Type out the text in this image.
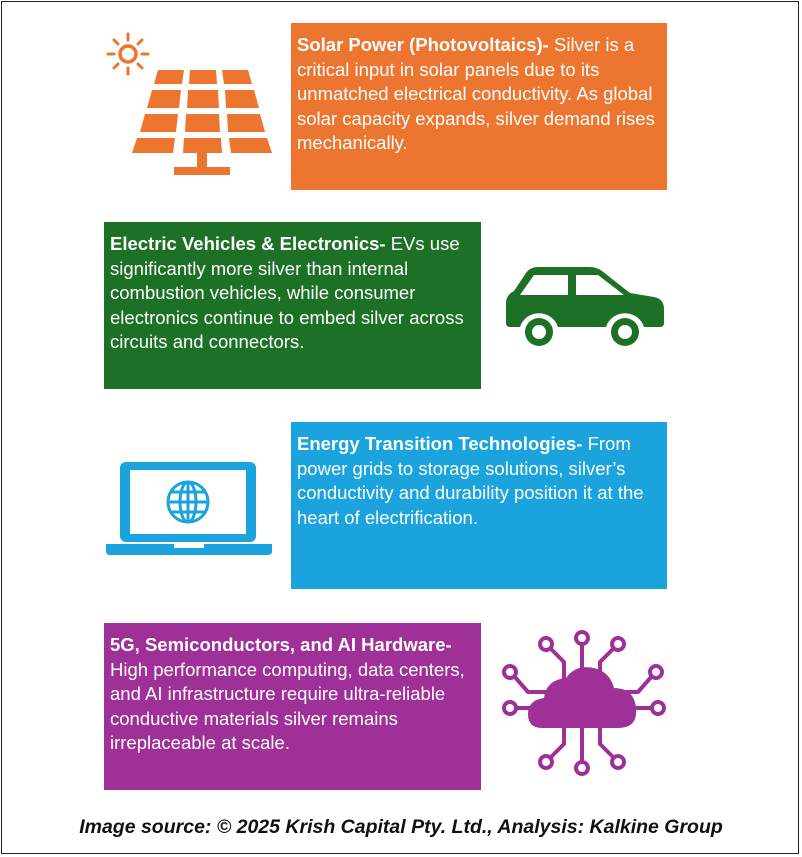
Solar Power (Photovoltaics)- Silver is a critical input in solar panels due to its unmatched electrical conductivity. As global solar capacity expands, silver demand rises mechanically.
Electric Vehicles & Electronics- EVs use significantly more silver than internal combustion vehicles, while consumer electronics continue to embed silver across circuits and connectors.
Energy Transition Technologies- From power grids to storage solutions, silver’s conductivity and durability position it at the heart of electrification.
5G, Semiconductors, and AI Hardware- High performance computing, data centers, and AI infrastructure require ultra-reliable conductive materials silver remains irreplaceable at scale.
Image source: © 2025 Krish Capital Pty. Ltd., Analysis: Kalkine Group
